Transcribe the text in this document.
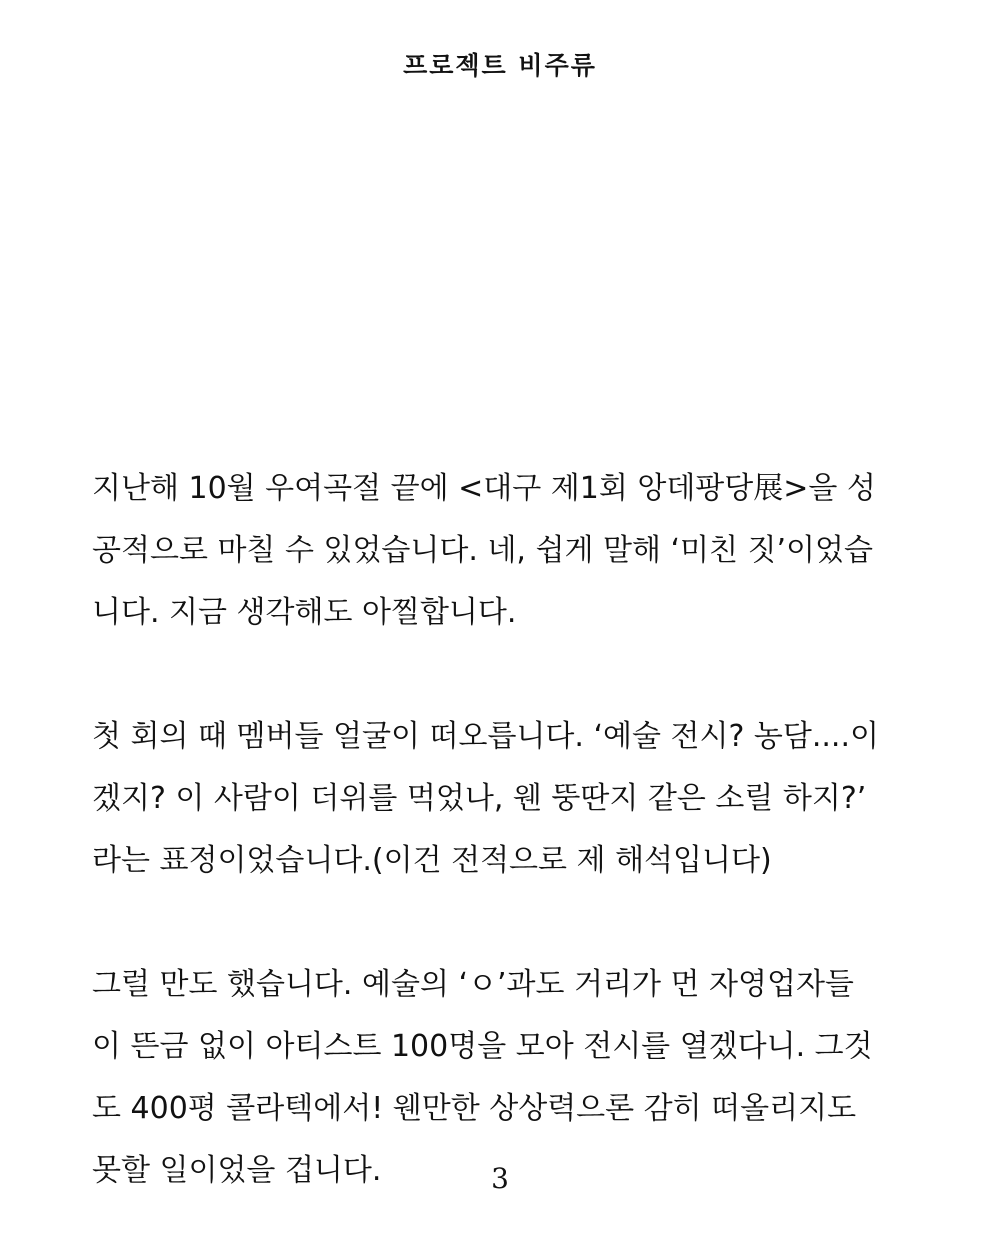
프로젝트 비주류

지난해 10월 우여곡절 끝에 <대구 제1회 앙데팡당展>을 성
공적으로 마칠 수 있었습니다. 네, 쉽게 말해 ‘미친 짓’이었습
니다. 지금 생각해도 아찔합니다.

첫 회의 때 멤버들 얼굴이 떠오릅니다. ‘예술 전시? 농담....이
겠지? 이 사람이 더위를 먹었나, 웬 뚱딴지 같은 소릴 하지?’
라는 표정이었습니다.(이건 전적으로 제 해석입니다)

그럴 만도 했습니다. 예술의 ‘ㅇ’과도 거리가 먼 자영업자들
이 뜬금 없이 아티스트 100명을 모아 전시를 열겠다니. 그것
도 400평 콜라텍에서! 웬만한 상상력으론 감히 떠올리지도
못할 일이었을 겁니다.	3
